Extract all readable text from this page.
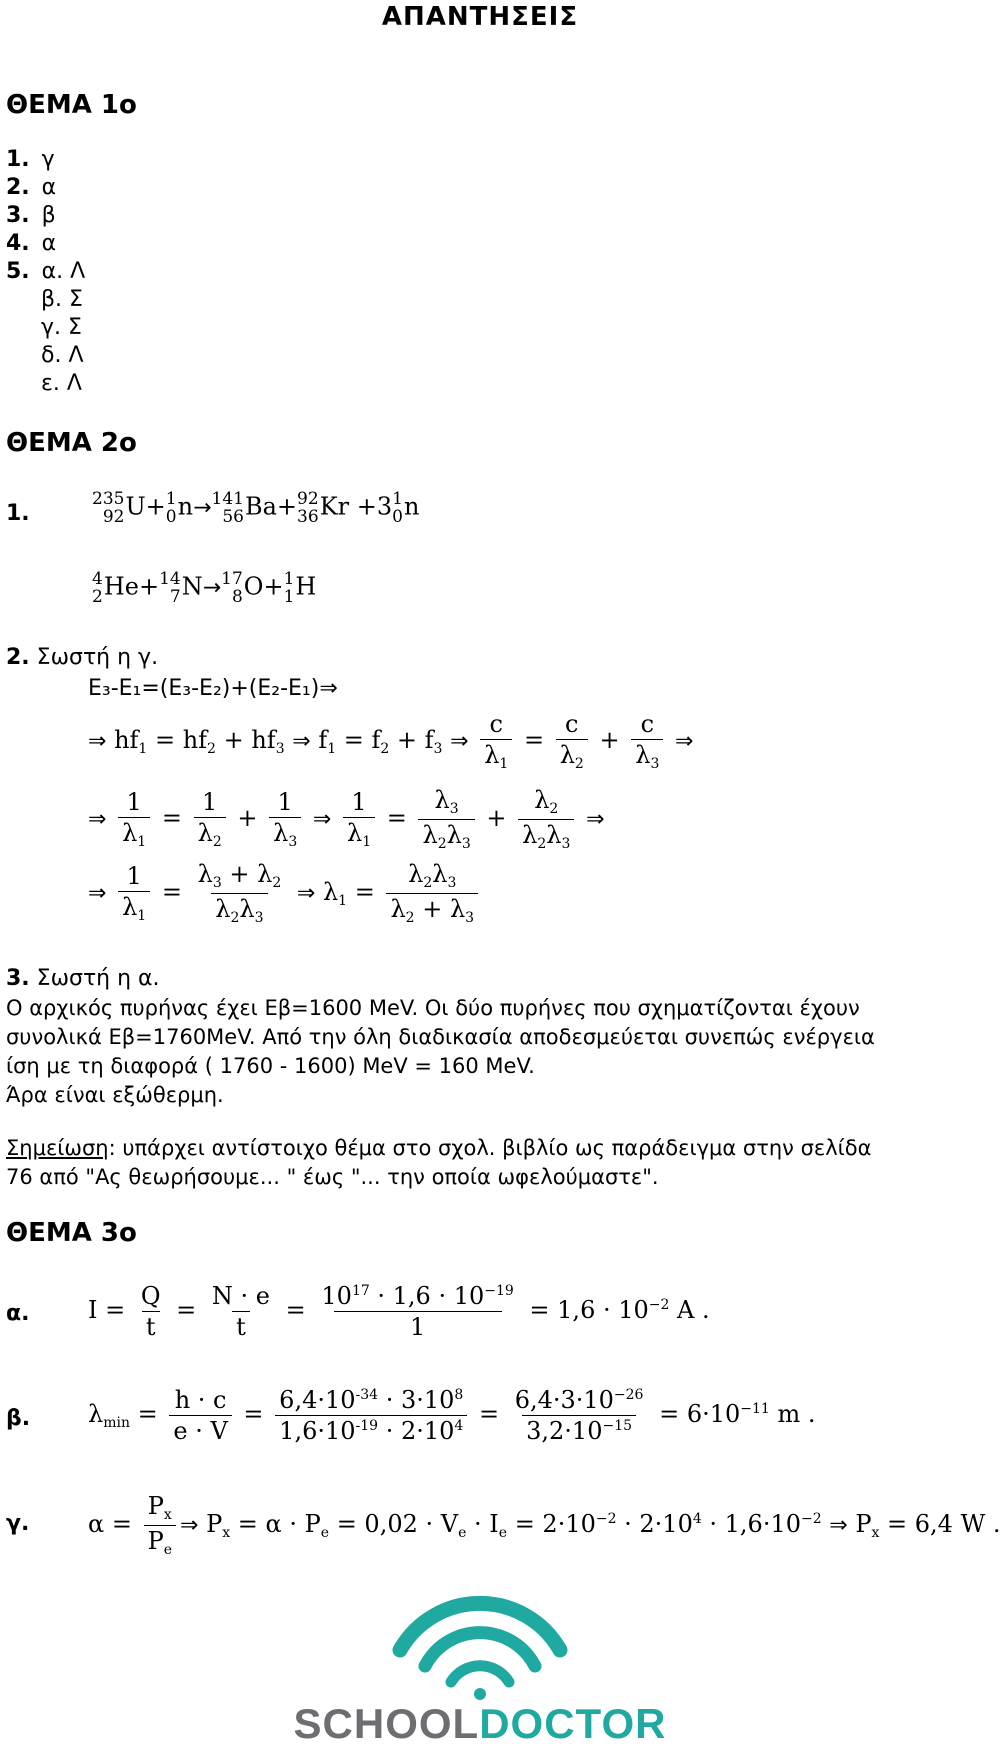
ΑΠΑΝΤΗΣΕΙΣ
ΘΕΜΑ 1ο
1. γ
2. α
3. β
4. α
5. α. Λ
β. Σ
γ. Σ
δ. Λ
ε. Λ
ΘΕΜΑ 2ο
1.
235
92 U+ 1
0 n→ 141
56 Ba+ 92
36 Kr +3 1
0 n
4
2 He+ 14
7 N→ 17
8 O+ 1
1 H
2. Σωστή η γ.
E₃-E₁=(E₃-E₂)+(E₂-E₁)⇒
⇒ $hf_1 = hf_2 + hf_3$ ⇒ $f_1 = f_2 + f_3$ ⇒ $\frac{c}{\lambda_1} = \frac{c}{\lambda_2} + \frac{c}{\lambda_3}$ ⇒
⇒ $\frac{1}{\lambda_1} = \frac{1}{\lambda_2} + \frac{1}{\lambda_3}$ ⇒ $\frac{1}{\lambda_1} = \frac{\lambda_3}{\lambda_2\lambda_3} + \frac{\lambda_2}{\lambda_2\lambda_3}$ ⇒
⇒ $\frac{1}{\lambda_1} = \frac{\lambda_3 + \lambda_2}{\lambda_2\lambda_3}$ ⇒ $\lambda_1 = \frac{\lambda_2\lambda_3}{\lambda_2 + \lambda_3}$
3. Σωστή η α.
Ο αρχικός πυρήνας έχει Eβ=1600 MeV. Οι δύο πυρήνες που σχηματίζονται έχουν
συνολικά Eβ=1760MeV. Από την όλη διαδικασία αποδεσμεύεται συνεπώς ενέργεια
ίση με τη διαφορά ( 1760 - 1600) MeV = 160 MeV.
Άρα είναι εξώθερμη.
Σημείωση: υπάρχει αντίστοιχο θέμα στο σχολ. βιβλίο ως παράδειγμα στην σελίδα
76 από "Ας θεωρήσουμε... " έως "... την οποία ωφελούμαστε".
ΘΕΜΑ 3ο
α. $I = \frac{Q}{t} = \frac{N \cdot e}{t} = \frac{10^{17} \cdot 1,6 \cdot 10^{-19}}{1} = 1,6 \cdot 10^{-2}$ A .
β. $\lambda_{min} = \frac{h \cdot c}{e \cdot V} = \frac{6,4\cdot 10^{-34} \cdot 3\cdot 10^8}{1,6\cdot 10^{-19} \cdot 2\cdot 10^4} = \frac{6,4\cdot 3\cdot 10^{-26}}{3,2\cdot 10^{-15}} = 6\cdot 10^{-11}$ m .
γ. $\alpha = \frac{P_x}{P_e}$ ⇒ $P_x = \alpha \cdot P_e = 0,02 \cdot V_e \cdot I_e = 2\cdot 10^{-2} \cdot 2\cdot 10^4 \cdot 1,6\cdot 10^{-2}$ ⇒ $P_x = 6,4$ W .
SCHOOLDOCTOR
